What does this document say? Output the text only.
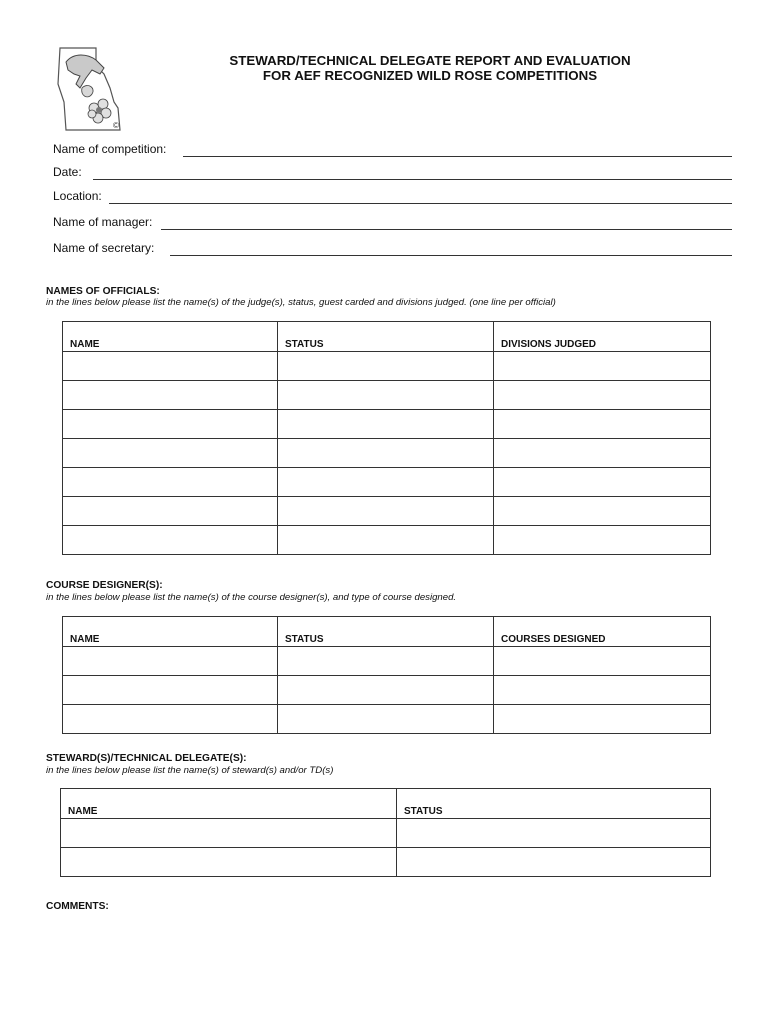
©
STEWARD/TECHNICAL DELEGATE REPORT AND EVALUATION
FOR AEF RECOGNIZED WILD ROSE COMPETITIONS
Name of competition:
Date:
Location:
Name of manager:
Name of secretary:
NAMES OF OFFICIALS:
in the lines below please list the name(s) of the judge(s), status, guest carded and divisions judged. (one line per official)
NAME	STATUS	DIVISIONS JUDGED

COURSE DESIGNER(S):
in the lines below please list the name(s) of the course designer(s), and type of course designed.
NAME	STATUS	COURSES DESIGNED

STEWARD(S)/TECHNICAL DELEGATE(S):
in the lines below please list the name(s) of steward(s) and/or TD(s)
NAME	STATUS

COMMENTS:
